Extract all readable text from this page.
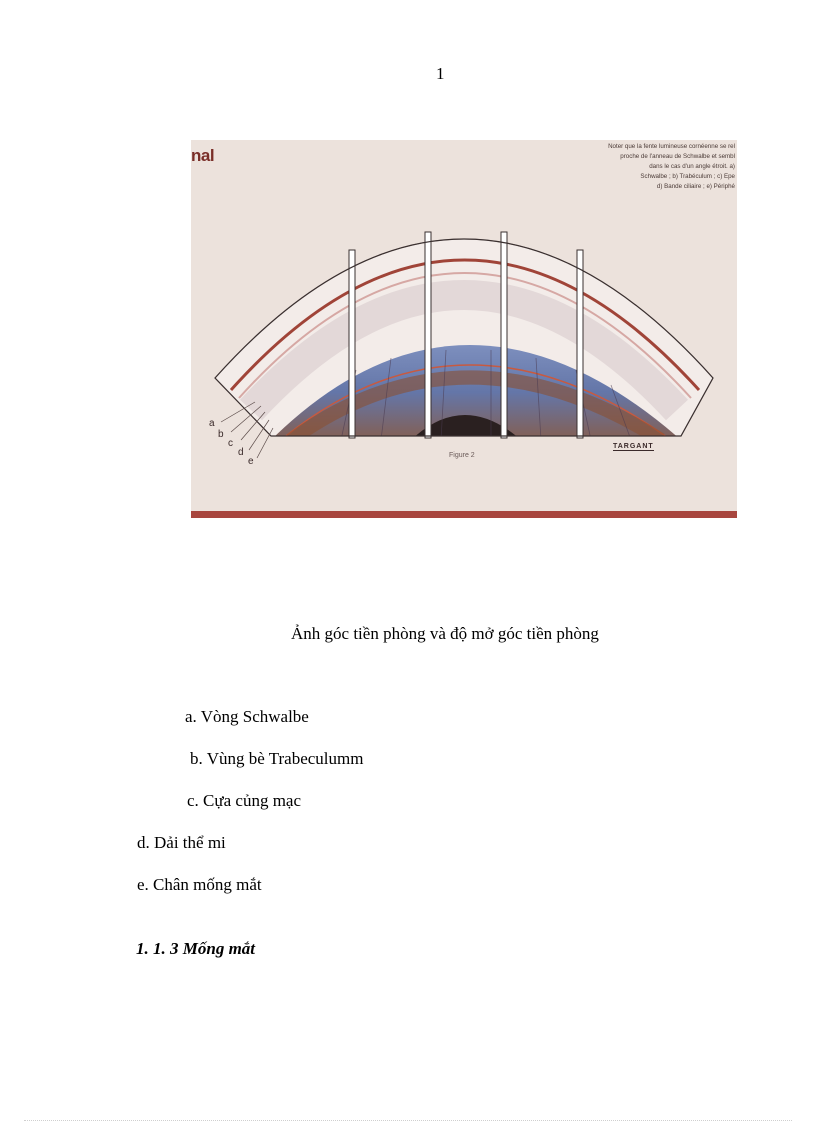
1
nal	Noter que la fente lumineuse cornéenne se rel
proche de l'anneau de Schwalbe et sembl
dans le cas d'un angle étroit. a)
Schwalbe ; b) Trabéculum ; c) Epe
d) Bande ciliaire ; e) Périphé
a
b
c
d
e
Figure 2
TARGANT
Ảnh góc tiền phòng và độ mở góc tiền phòng
a. Vòng Schwalbe
b. Vùng bè Trabeculumm
c. Cựa củng mạc
d. Dải thể mi
e. Chân mống mắt
1. 1. 3 Mống mắt
